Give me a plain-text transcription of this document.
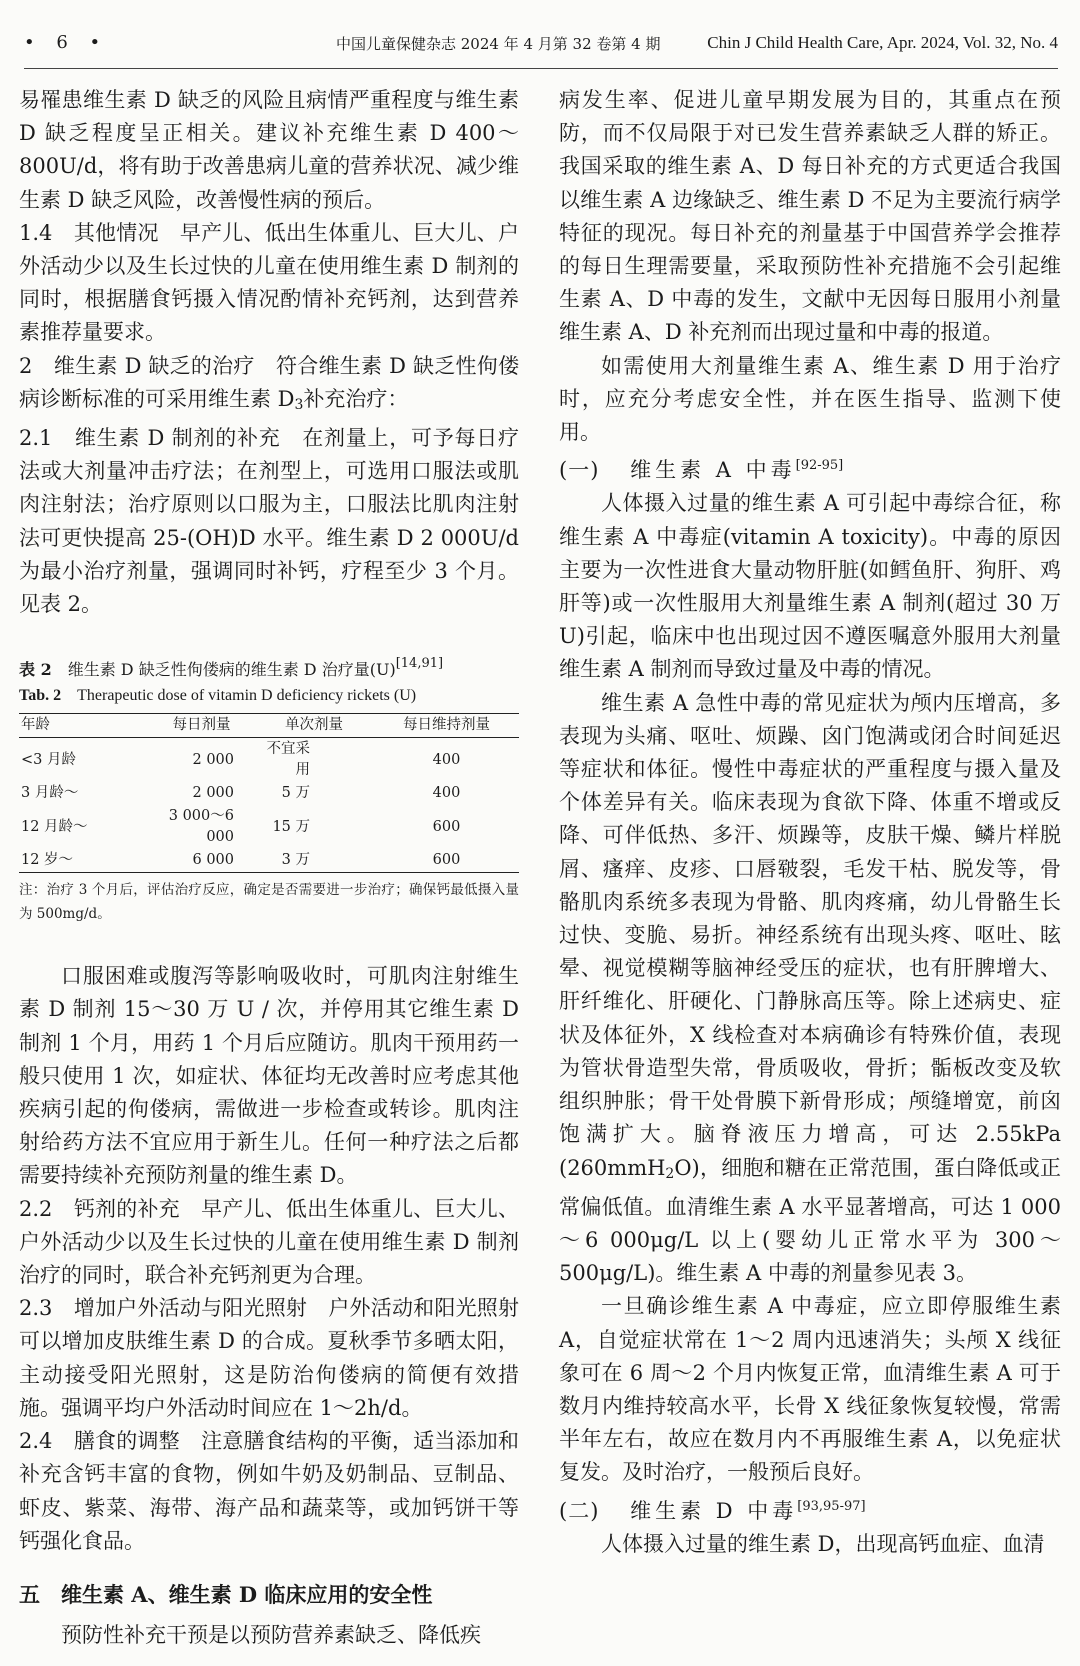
• 6 •	中国儿童保健杂志 2024 年 4 月第 32 卷第 4 期	Chin J Child Health Care, Apr. 2024, Vol. 32, No. 4

易罹患维生素 D 缺乏的风险且病情严重程度与维生素 D 缺乏程度呈正相关。建议补充维生素 D 400～800U/d，将有助于改善患病儿童的营养状况、减少维生素 D 缺乏风险，改善慢性病的预后。

1.4　其他情况　早产儿、低出生体重儿、巨大儿、户外活动少以及生长过快的儿童在使用维生素 D 制剂的同时，根据膳食钙摄入情况酌情补充钙剂，达到营养素推荐量要求。

2　维生素 D 缺乏的治疗　符合维生素 D 缺乏性佝偻病诊断标准的可采用维生素 $D_3$补充治疗：

2.1　维生素 D 制剂的补充　在剂量上，可予每日疗法或大剂量冲击疗法；在剂型上，可选用口服法或肌肉注射法；治疗原则以口服为主，口服法比肌肉注射法可更快提高 25-(OH)D 水平。维生素 D 2 000U/d 为最小治疗剂量，强调同时补钙，疗程至少 3 个月。见表 2。

表 2　维生素 D 缺乏性佝偻病的维生素 D 治疗量(U)[14,91]
Tab. 2　Therapeutic dose of vitamin D deficiency rickets (U)
年龄	每日剂量	单次剂量	每日维持剂量
<3 月龄	2 000	不宜采用	400
3 月龄～	2 000	5 万	400
12 月龄～	3 000～6 000	15 万	600
12 岁～	6 000	3 万	600
注：治疗 3 个月后，评估治疗反应，确定是否需要进一步治疗；确保钙最低摄入量为 500mg/d。

口服困难或腹泻等影响吸收时，可肌肉注射维生素 D 制剂 15～30 万 U / 次，并停用其它维生素 D 制剂 1 个月，用药 1 个月后应随访。肌肉干预用药一般只使用 1 次，如症状、体征均无改善时应考虑其他疾病引起的佝偻病，需做进一步检查或转诊。肌肉注射给药方法不宜应用于新生儿。任何一种疗法之后都需要持续补充预防剂量的维生素 D。

2.2　钙剂的补充　早产儿、低出生体重儿、巨大儿、户外活动少以及生长过快的儿童在使用维生素 D 制剂治疗的同时，联合补充钙剂更为合理。

2.3　增加户外活动与阳光照射　户外活动和阳光照射可以增加皮肤维生素 D 的合成。夏秋季节多晒太阳，主动接受阳光照射，这是防治佝偻病的简便有效措施。强调平均户外活动时间应在 1～2h/d。

2.4　膳食的调整　注意膳食结构的平衡，适当添加和补充含钙丰富的食物，例如牛奶及奶制品、豆制品、虾皮、紫菜、海带、海产品和蔬菜等，或加钙饼干等钙强化食品。

五　维生素 A、维生素 D 临床应用的安全性

预防性补充干预是以预防营养素缺乏、降低疾

病发生率、促进儿童早期发展为目的，其重点在预防，而不仅局限于对已发生营养素缺乏人群的矫正。我国采取的维生素 A、D 每日补充的方式更适合我国以维生素 A 边缘缺乏、维生素 D 不足为主要流行病学特征的现况。每日补充的剂量基于中国营养学会推荐的每日生理需要量，采取预防性补充措施不会引起维生素 A、D 中毒的发生，文献中无因每日服用小剂量维生素 A、D 补充剂而出现过量和中毒的报道。

如需使用大剂量维生素 A、维生素 D 用于治疗时，应充分考虑安全性，并在医生指导、监测下使用。

(一) 维生素 A 中毒[92-95]

人体摄入过量的维生素 A 可引起中毒综合征，称维生素 A 中毒症(vitamin A toxicity)。中毒的原因主要为一次性进食大量动物肝脏(如鳕鱼肝、狗肝、鸡肝等)或一次性服用大剂量维生素 A 制剂(超过 30 万 U)引起，临床中也出现过因不遵医嘱意外服用大剂量维生素 A 制剂而导致过量及中毒的情况。

维生素 A 急性中毒的常见症状为颅内压增高，多表现为头痛、呕吐、烦躁、囟门饱满或闭合时间延迟等症状和体征。慢性中毒症状的严重程度与摄入量及个体差异有关。临床表现为食欲下降、体重不增或反降、可伴低热、多汗、烦躁等，皮肤干燥、鳞片样脱屑、瘙痒、皮疹、口唇皲裂，毛发干枯、脱发等，骨骼肌肉系统多表现为骨骼、肌肉疼痛，幼儿骨骼生长过快、变脆、易折。神经系统有出现头疼、呕吐、眩晕、视觉模糊等脑神经受压的症状，也有肝脾增大、肝纤维化、肝硬化、门静脉高压等。除上述病史、症状及体征外，X 线检查对本病确诊有特殊价值，表现为管状骨造型失常，骨质吸收，骨折；骺板改变及软组织肿胀；骨干处骨膜下新骨形成；颅缝增宽，前囟饱满扩大。脑脊液压力增高，可达 2.55kPa (260mmH$_2$O)，细胞和糖在正常范围，蛋白降低或正常偏低值。血清维生素 A 水平显著增高，可达 1 000～6 000μg/L 以上(婴幼儿正常水平为 300～500μg/L)。维生素 A 中毒的剂量参见表 3。

一旦确诊维生素 A 中毒症，应立即停服维生素 A，自觉症状常在 1～2 周内迅速消失；头颅 X 线征象可在 6 周～2 个月内恢复正常，血清维生素 A 可于数月内维持较高水平，长骨 X 线征象恢复较慢，常需半年左右，故应在数月内不再服维生素 A，以免症状复发。及时治疗，一般预后良好。

(二) 维生素 D 中毒[93,95-97]

人体摄入过量的维生素 D，出现高钙血症、血清
